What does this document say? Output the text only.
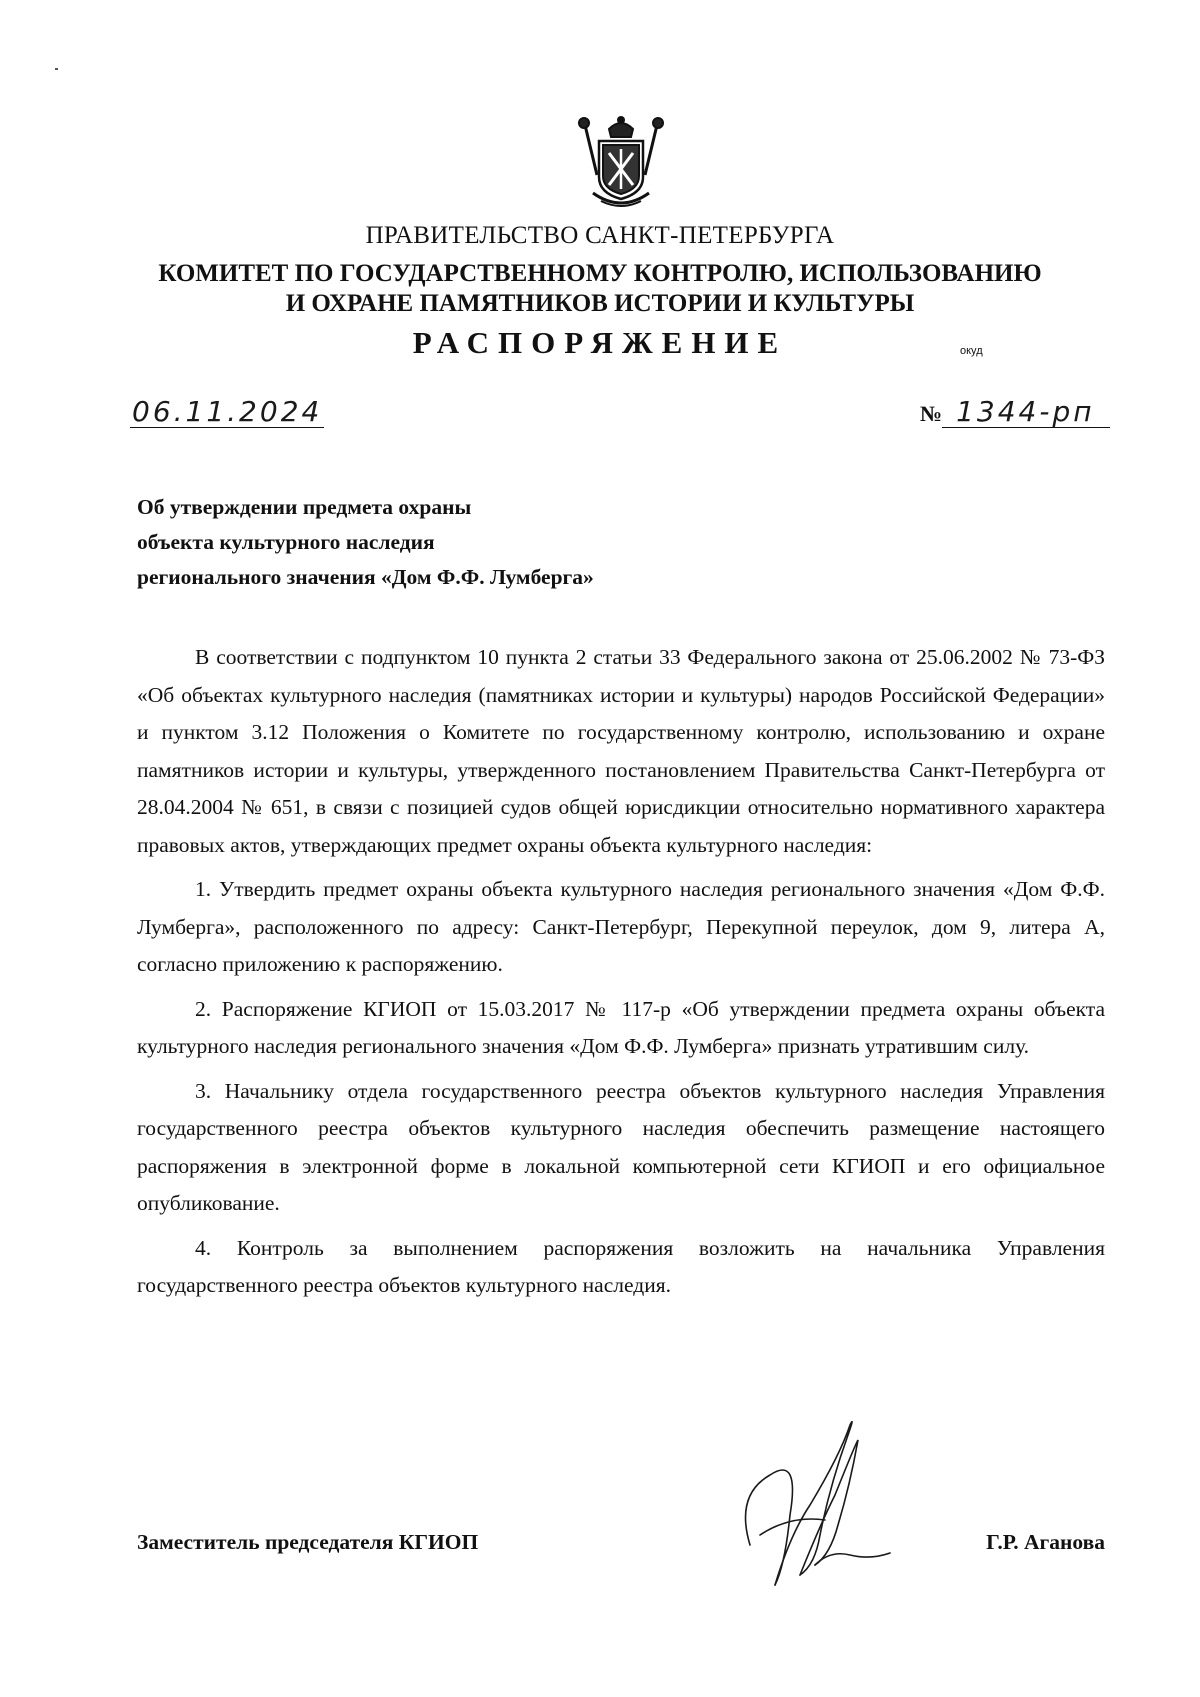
ПРАВИТЕЛЬСТВО САНКТ-ПЕТЕРБУРГА
КОМИТЕТ ПО ГОСУДАРСТВЕННОМУ КОНТРОЛЮ, ИСПОЛЬЗОВАНИЮ
И ОХРАНЕ ПАМЯТНИКОВ ИСТОРИИ И КУЛЬТУРЫ
РАСПОРЯЖЕНИЕ	окуд
06.11.2024	№ 1344-рп
Об утверждении предмета охраны
объекта культурного наследия
регионального значения «Дом Ф.Ф. Лумберга»

В соответствии с подпунктом 10 пункта 2 статьи 33 Федерального закона от 25.06.2002 № 73-ФЗ «Об объектах культурного наследия (памятниках истории и культуры) народов Российской Федерации» и пунктом 3.12 Положения о Комитете по государственному контролю, использованию и охране памятников истории и культуры, утвержденного постановлением Правительства Санкт-Петербурга от 28.04.2004 № 651, в связи с позицией судов общей юрисдикции относительно нормативного характера правовых актов, утверждающих предмет охраны объекта культурного наследия:

1. Утвердить предмет охраны объекта культурного наследия регионального значения «Дом Ф.Ф. Лумберга», расположенного по адресу: Санкт-Петербург, Перекупной переулок, дом 9, литера А, согласно приложению к распоряжению.

2. Распоряжение КГИОП от 15.03.2017 № 117-р «Об утверждении предмета охраны объекта культурного наследия регионального значения «Дом Ф.Ф. Лумберга» признать утратившим силу.

3. Начальнику отдела государственного реестра объектов культурного наследия Управления государственного реестра объектов культурного наследия обеспечить размещение настоящего распоряжения в электронной форме в локальной компьютерной сети КГИОП и его официальное опубликование.

4. Контроль за выполнением распоряжения возложить на начальника Управления государственного реестра объектов культурного наследия.

Заместитель председателя КГИОП	Г.Р. Аганова
